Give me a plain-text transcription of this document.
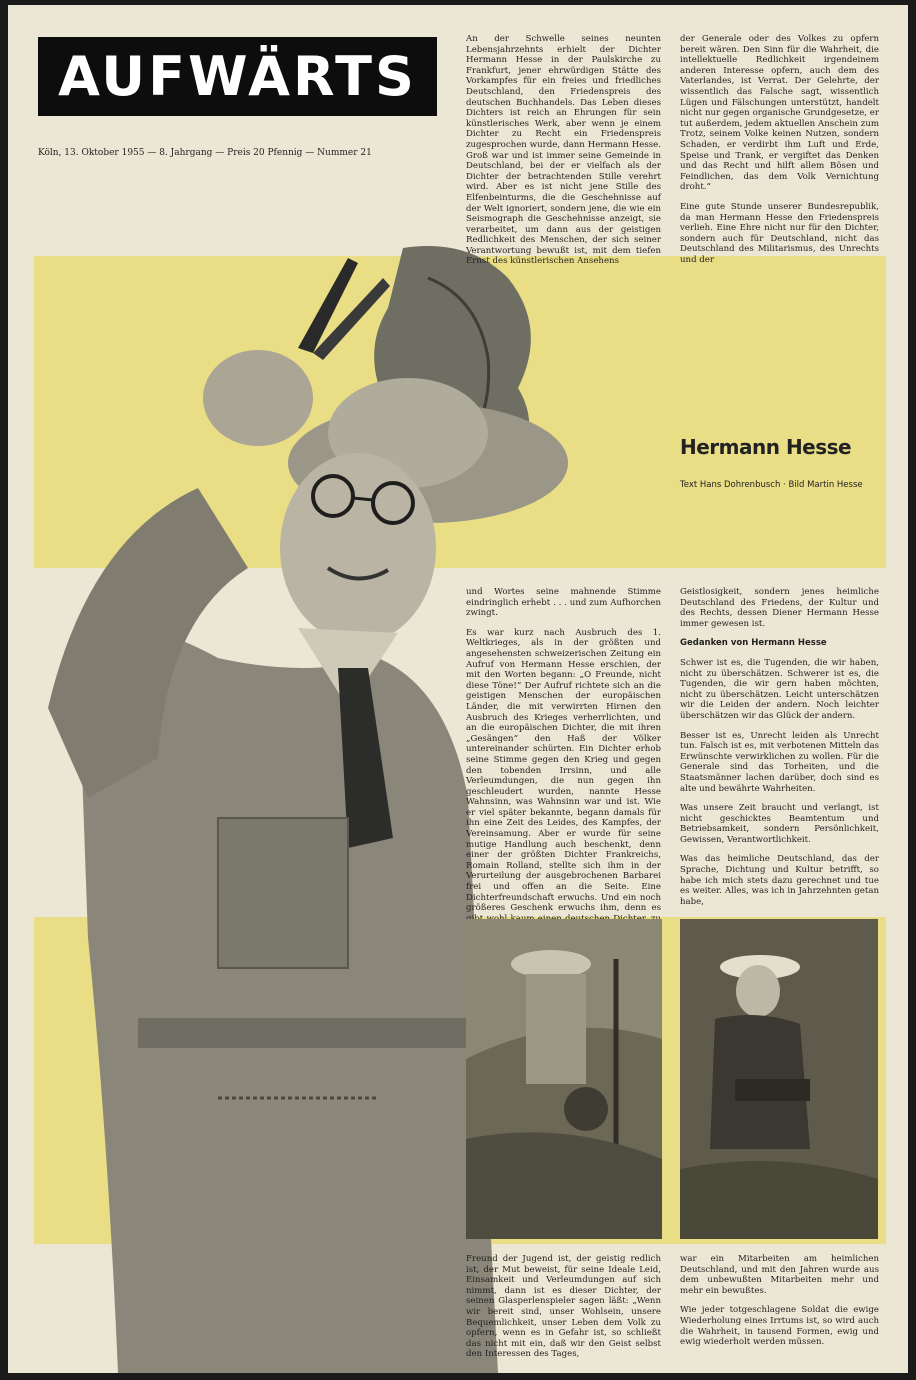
AUFWÄRTS
Köln, 13. Oktober 1955 — 8. Jahrgang — Preis 20 Pfennig — Nummer 21

An der Schwelle seines neunten Lebensjahrzehnts erhielt der Dichter Hermann Hesse in der Paulskirche zu Frankfurt, jener ehrwürdigen Stätte des Vorkampfes für ein freies und friedliches Deutschland, den Friedenspreis des deutschen Buchhandels. Das Leben dieses Dichters ist reich an Ehrungen für sein künstlerisches Werk, aber wenn je einem Dichter zu Recht ein Friedenspreis zugesprochen wurde, dann Hermann Hesse. Groß war und ist immer seine Gemeinde in Deutschland, bei der er vielfach als der Dichter der betrachtenden Stille verehrt wird. Aber es ist nicht jene Stille des Elfenbeinturms, die die Geschehnisse auf der Welt ignoriert, sondern jene, die wie ein Seismograph die Geschehnisse anzeigt, sie verarbeitet, um dann aus der geistigen Redlichkeit des Menschen, der sich seiner Verantwortung bewußt ist, mit dem tiefen Ernst des künstlerischen Ansehens

der Generale oder des Volkes zu opfern bereit wären. Den Sinn für die Wahrheit, die intellektuelle Redlichkeit irgendeinem anderen Interesse opfern, auch dem des Vaterlandes, ist Verrat. Der Gelehrte, der wissentlich das Falsche sagt, wissentlich Lügen und Fälschungen unterstützt, handelt nicht nur gegen organische Grundgesetze, er tut außerdem, jedem aktuellen Anschein zum Trotz, seinem Volke keinen Nutzen, sondern Schaden, er verdirbt ihm Luft und Erde, Speise und Trank, er vergiftet das Denken und das Recht und hilft allem Bösen und Feindlichen, das dem Volk Vernichtung droht.“

Eine gute Stunde unserer Bundesrepublik, da man Hermann Hesse den Friedenspreis verlieh. Eine Ehre nicht nur für den Dichter, sondern auch für Deutschland, nicht das Deutschland des Militarismus, des Unrechts und der

Hermann Hesse
Text Hans Dohrenbusch · Bild Martin Hesse

und Wortes seine mahnende Stimme eindringlich erhebt . . . und zum Aufhorchen zwingt.

Es war kurz nach Ausbruch des 1. Weltkrieges, als in der größten und angesehensten schweizerischen Zeitung ein Aufruf von Hermann Hesse erschien, der mit den Worten begann: „O Freunde, nicht diese Töne!“ Der Aufruf richtete sich an die geistigen Menschen der europäischen Länder, die mit verwirrten Hirnen den Ausbruch des Krieges verherrlichten, und an die europäischen Dichter, die mit ihren „Gesängen“ den Haß der Völker untereinander schürten. Ein Dichter erhob seine Stimme gegen den Krieg und gegen den tobenden Irrsinn, und alle Verleumdungen, die nun gegen ihn geschleudert wurden, nannte Hesse Wahnsinn, was Wahnsinn war und ist. Wie er viel später bekannte, begann damals für ihn eine Zeit des Leides, des Kampfes, der Vereinsamung. Aber er wurde für seine mutige Handlung auch beschenkt, denn einer der größten Dichter Frankreichs, Romain Rolland, stellte sich ihm in der Verurteilung der ausgebrochenen Barbarei frei und offen an die Seite. Eine Dichterfreundschaft erwuchs. Und ein noch größeres Geschenk erwuchs ihm, denn es

Geistlosigkeit, sondern jenes heimliche Deutschland des Friedens, der Kultur und des Rechts, dessen Diener Hermann Hesse immer gewesen ist.

Gedanken von Hermann Hesse

Schwer ist es, die Tugenden, die wir haben, nicht zu überschätzen. Schwerer ist es, die Tugenden, die wir gern haben möchten, nicht zu überschätzen. Leicht unterschätzen wir die Leiden der andern. Noch leichter überschätzen wir das Glück der andern.

Besser ist es, Unrecht leiden als Unrecht tun. Falsch ist es, mit verbotenen Mitteln das Erwünschte verwirklichen zu wollen. Für die Generale sind das Torheiten, und die Staatsmänner lachen darüber, doch sind es alte und bewährte Wahrheiten.

Was unsere Zeit braucht und verlangt, ist nicht geschicktes Beamtentum und Betriebsamkeit, sondern Persönlichkeit, Gewissen, Verantwortlichkeit.

Was das heimliche Deutschland, das der Sprache, Dichtung und Kultur betrifft, so habe ich mich stets dazu gerechnet und tue es weiter. Alles, was ich in Jahrzehnten getan habe,

Freund der Jugend ist, der geistig redlich ist, der Mut beweist, für seine Ideale Leid, Einsamkeit und Verleumdungen auf sich nimmt, dann ist es dieser Dichter, der seinen Glasperlenspieler sagen läßt: „Wenn wir bereit sind, unser Wohlsein, unsere Bequemlichkeit, unser Leben dem Volk zu opfern, wenn es in Gefahr ist, so schließt das nicht mit ein, daß wir den Geist selbst den Interessen des Tages,

war ein Mitarbeiten am heimlichen Deutschland, und mit den Jahren wurde aus dem unbewußten Mitarbeiten mehr und mehr ein bewußtes.

Wie jeder totgeschlagene Soldat die ewige Wiederholung eines Irrtums ist, so wird auch die Wahrheit, in tausend Formen, ewig und ewig wiederholt werden müssen.
